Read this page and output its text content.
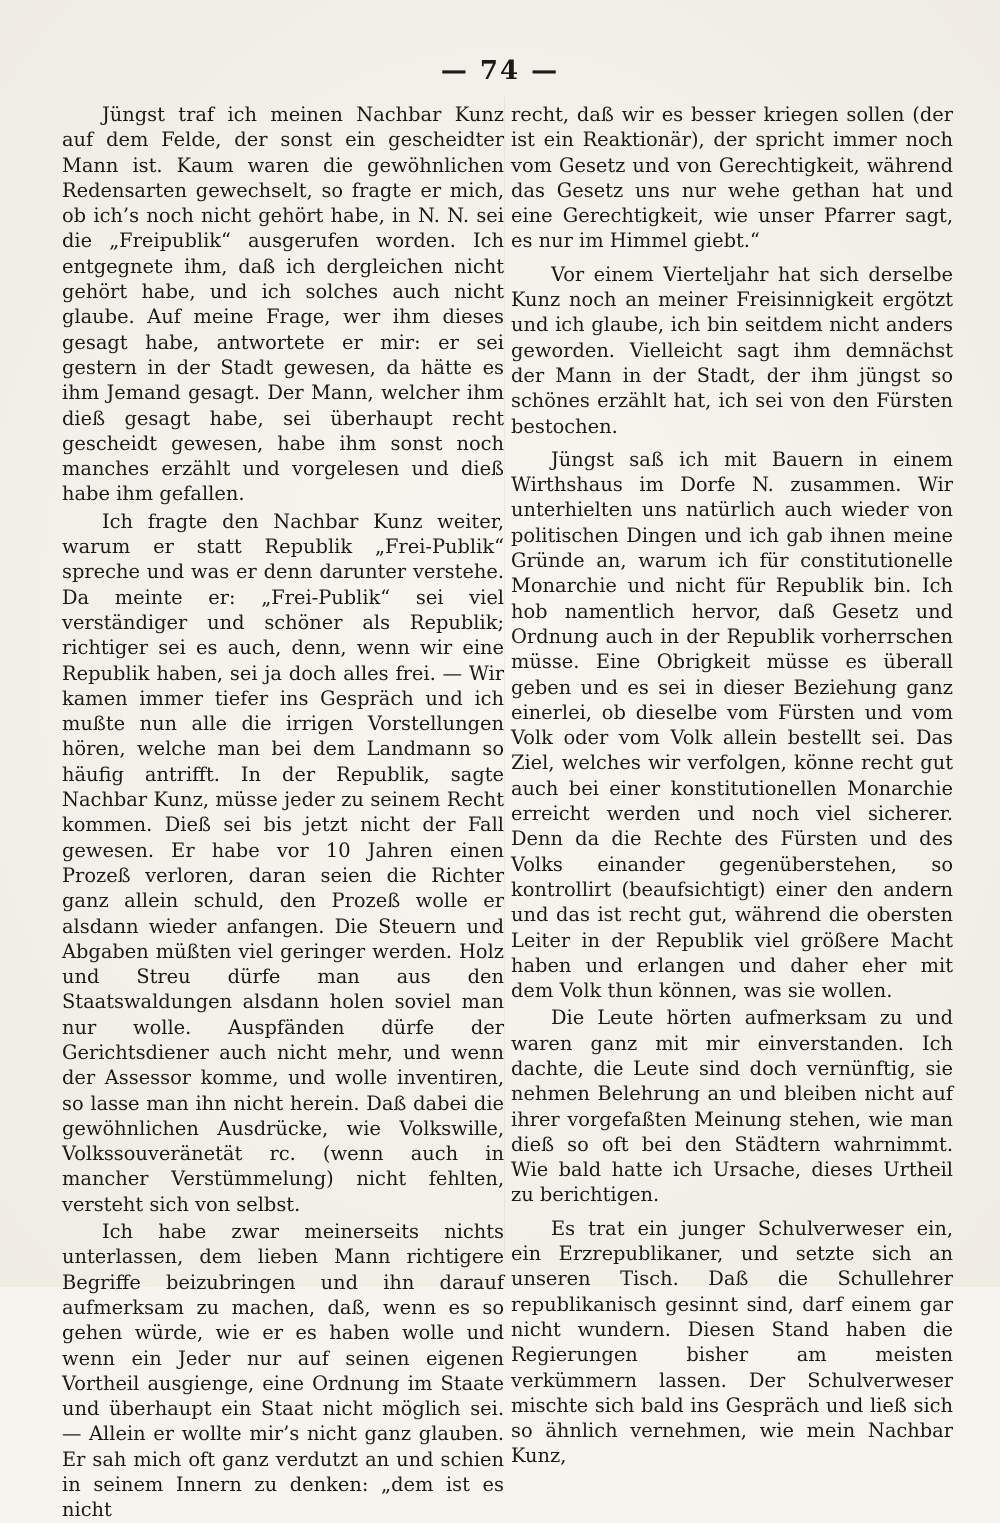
— 74 —

Jüngst traf ich meinen Nachbar Kunz auf dem Felde, der sonst ein gescheidter Mann ist. Kaum waren die gewöhnlichen Redensarten gewechselt, so fragte er mich, ob ich’s noch nicht gehört habe, in N. N. sei die „Freipublik“ ausgerufen worden. Ich entgegnete ihm, daß ich dergleichen nicht gehört habe, und ich solches auch nicht glaube. Auf meine Frage, wer ihm dieses gesagt habe, antwortete er mir: er sei gestern in der Stadt gewesen, da hätte es ihm Jemand gesagt. Der Mann, welcher ihm dieß gesagt habe, sei überhaupt recht gescheidt gewesen, habe ihm sonst noch manches erzählt und vorgelesen und dieß habe ihm gefallen.

Ich fragte den Nachbar Kunz weiter, warum er statt Republik „Frei-Publik“ spreche und was er denn darunter verstehe. Da meinte er: „Frei-Publik“ sei viel verständiger und schöner als Republik; richtiger sei es auch, denn, wenn wir eine Republik haben, sei ja doch alles frei. — Wir kamen immer tiefer ins Gespräch und ich mußte nun alle die irrigen Vorstellungen hören, welche man bei dem Landmann so häufig antrifft. In der Republik, sagte Nachbar Kunz, müsse jeder zu seinem Recht kommen. Dieß sei bis jetzt nicht der Fall gewesen. Er habe vor 10 Jahren einen Prozeß verloren, daran seien die Richter ganz allein schuld, den Prozeß wolle er alsdann wieder anfangen. Die Steuern und Abgaben müßten viel geringer werden. Holz und Streu dürfe man aus den Staatswaldungen alsdann holen soviel man nur wolle. Auspfänden dürfe der Gerichtsdiener auch nicht mehr, und wenn der Assessor komme, und wolle inventiren, so lasse man ihn nicht herein. Daß dabei die gewöhnlichen Ausdrücke, wie Volkswille, Volkssouveränetät rc. (wenn auch in mancher Verstümmelung) nicht fehlten, versteht sich von selbst.

Ich habe zwar meinerseits nichts unterlassen, dem lieben Mann richtigere Begriffe beizubringen und ihn darauf aufmerksam zu machen, daß, wenn es so gehen würde, wie er es haben wolle und wenn ein Jeder nur auf seinen eigenen Vortheil ausgienge, eine Ordnung im Staate und überhaupt ein Staat nicht möglich sei. — Allein er wollte mir’s nicht ganz glauben. Er sah mich oft ganz verdutzt an und schien in seinem Innern zu denken: „dem ist es nicht

recht, daß wir es besser kriegen sollen (der ist ein Reaktionär), der spricht immer noch vom Gesetz und von Gerechtigkeit, während das Gesetz uns nur wehe gethan hat und eine Gerechtigkeit, wie unser Pfarrer sagt, es nur im Himmel giebt.“

Vor einem Vierteljahr hat sich derselbe Kunz noch an meiner Freisinnigkeit ergötzt und ich glaube, ich bin seitdem nicht anders geworden. Vielleicht sagt ihm demnächst der Mann in der Stadt, der ihm jüngst so schönes erzählt hat, ich sei von den Fürsten bestochen.

Jüngst saß ich mit Bauern in einem Wirthshaus im Dorfe N. zusammen. Wir unterhielten uns natürlich auch wieder von politischen Dingen und ich gab ihnen meine Gründe an, warum ich für constitutionelle Monarchie und nicht für Republik bin. Ich hob namentlich hervor, daß Gesetz und Ordnung auch in der Republik vorherrschen müsse. Eine Obrigkeit müsse es überall geben und es sei in dieser Beziehung ganz einerlei, ob dieselbe vom Fürsten und vom Volk oder vom Volk allein bestellt sei. Das Ziel, welches wir verfolgen, könne recht gut auch bei einer konstitutionellen Monarchie erreicht werden und noch viel sicherer. Denn da die Rechte des Fürsten und des Volks einander gegenüberstehen, so kontrollirt (beaufsichtigt) einer den andern und das ist recht gut, während die obersten Leiter in der Republik viel größere Macht haben und erlangen und daher eher mit dem Volk thun können, was sie wollen.

Die Leute hörten aufmerksam zu und waren ganz mit mir einverstanden. Ich dachte, die Leute sind doch vernünftig, sie nehmen Belehrung an und bleiben nicht auf ihrer vorgefaßten Meinung stehen, wie man dieß so oft bei den Städtern wahrnimmt. Wie bald hatte ich Ursache, dieses Urtheil zu berichtigen.

Es trat ein junger Schulverweser ein, ein Erzrepublikaner, und setzte sich an unseren Tisch. Daß die Schullehrer republikanisch gesinnt sind, darf einem gar nicht wundern. Diesen Stand haben die Regierungen bisher am meisten verkümmern lassen. Der Schulverweser mischte sich bald ins Gespräch und ließ sich so ähnlich vernehmen, wie mein Nachbar Kunz,
